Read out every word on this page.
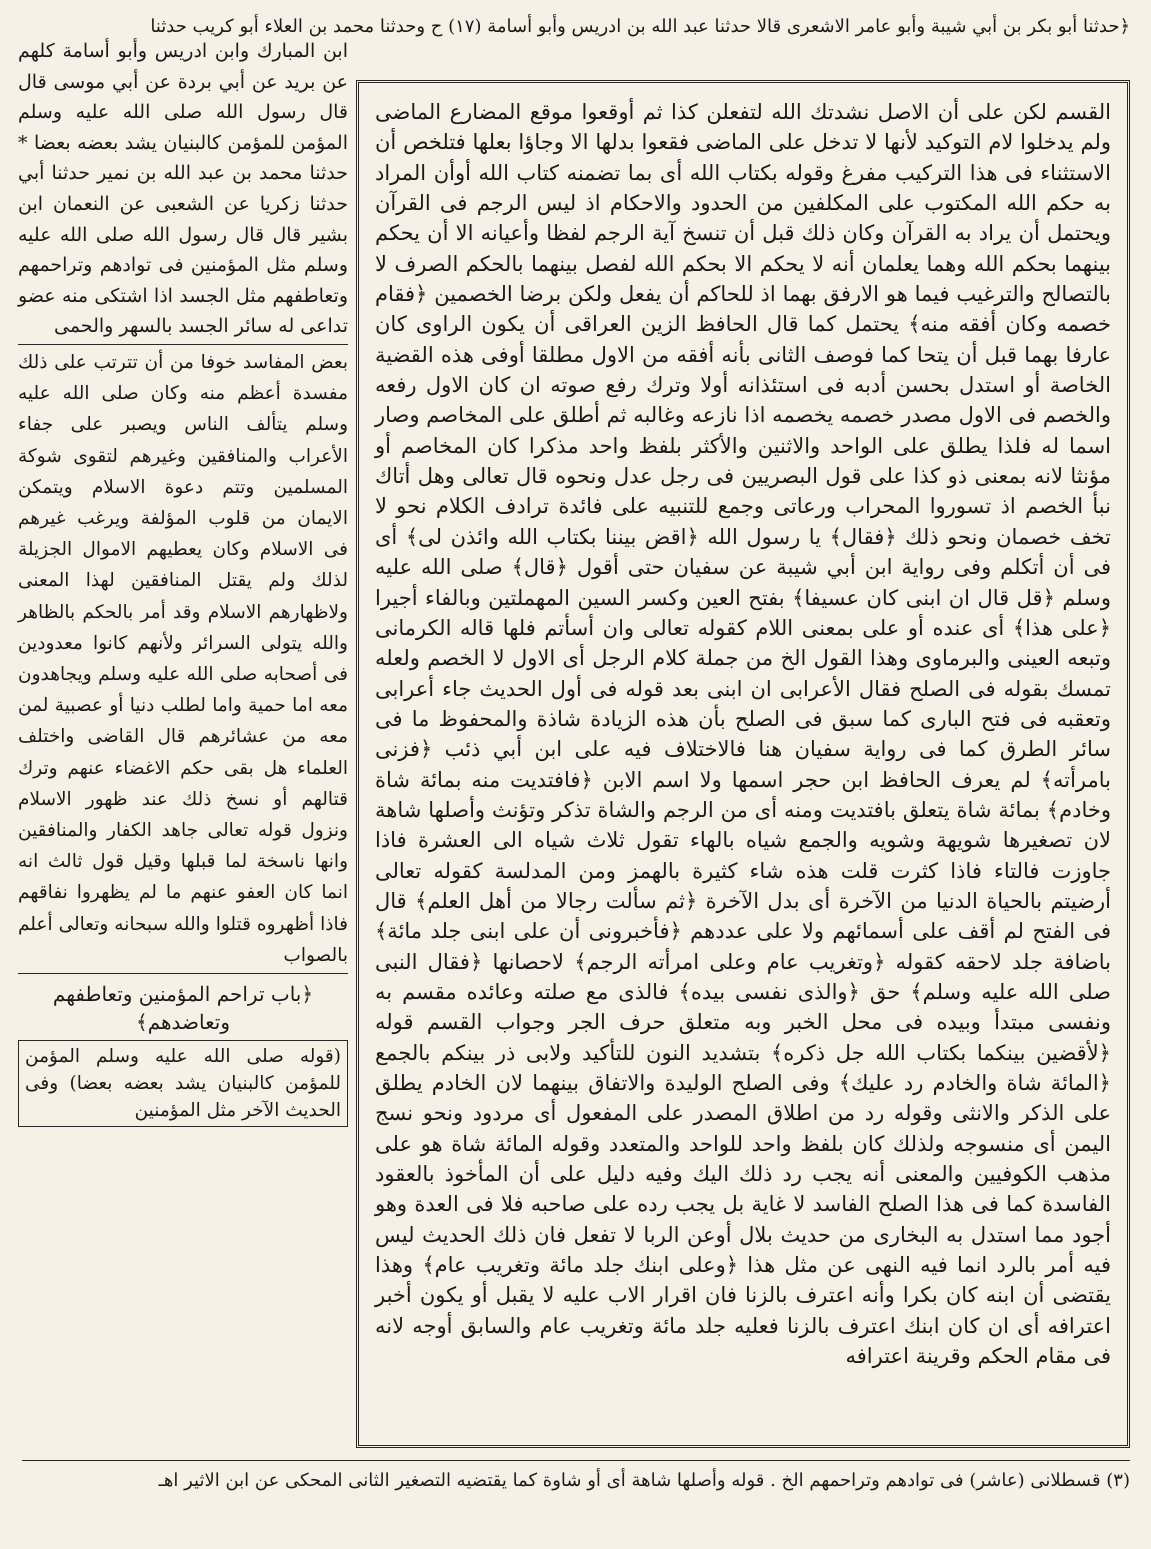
﴿حدثنا أبو بكر بن أبي شيبة وأبو عامر الاشعرى قالا حدثنا عبد الله بن ادريس وأبو أسامة (١٧) ح وحدثنا محمد بن العلاء أبو كريب حدثنا

ابن المبارك وابن ادريس وأبو أسامة كلهم عن بريد عن أبي بردة عن أبي موسى قال قال رسول الله صلى الله عليه وسلم المؤمن للمؤمن كالبنيان يشد بعضه بعضا * حدثنا محمد بن عبد الله بن نمير حدثنا أبي حدثنا زكريا عن الشعبى عن النعمان ابن بشير قال قال رسول الله صلى الله عليه وسلم مثل المؤمنين فى توادهم وتراحمهم وتعاطفهم مثل الجسد اذا اشتكى منه عضو تداعى له سائر الجسد بالسهر والحمى

بعض المفاسد خوفا من أن تترتب على ذلك مفسدة أعظم منه وكان صلى الله عليه وسلم يتألف الناس ويصبر على جفاء الأعراب والمنافقين وغيرهم لتقوى شوكة المسلمين وتتم دعوة الاسلام ويتمكن الايمان من قلوب المؤلفة ويرغب غيرهم فى الاسلام وكان يعطيهم الاموال الجزيلة لذلك ولم يقتل المنافقين لهذا المعنى ولاظهارهم الاسلام وقد أمر بالحكم بالظاهر والله يتولى السرائر ولأنهم كانوا معدودين فى أصحابه صلى الله عليه وسلم ويجاهدون معه اما حمية واما لطلب دنيا أو عصبية لمن معه من عشائرهم قال القاضى واختلف العلماء هل بقى حكم الاغضاء عنهم وترك قتالهم أو نسخ ذلك عند ظهور الاسلام ونزول قوله تعالى جاهد الكفار والمنافقين وانها ناسخة لما قبلها وقيل قول ثالث انه انما كان العفو عنهم ما لم يظهروا نفاقهم فاذا أظهروه قتلوا والله سبحانه وتعالى أعلم بالصواب

﴿باب تراحم المؤمنين وتعاطفهم وتعاضدهم﴾

(قوله صلى الله عليه وسلم المؤمن للمؤمن كالبنيان يشد بعضه بعضا) وفى الحديث الآخر مثل المؤمنين

القسم لكن على أن الاصل نشدتك الله لتفعلن كذا ثم أوقعوا موقع المضارع الماضى ولم يدخلوا لام التوكيد لأنها لا تدخل على الماضى فقعوا بدلها الا وجاؤا بعلها فتلخص أن الاستثناء فى هذا التركيب مفرغ وقوله بكتاب الله أى بما تضمنه كتاب الله أوأن المراد به حكم الله المكتوب على المكلفين من الحدود والاحكام اذ ليس الرجم فى القرآن ويحتمل أن يراد به القرآن وكان ذلك قبل أن تنسخ آية الرجم لفظا وأعيانه الا أن يحكم بينهما بحكم الله وهما يعلمان أنه لا يحكم الا بحكم الله لفصل بينهما بالحكم الصرف لا بالتصالح والترغيب فيما هو الارفق بهما اذ للحاكم أن يفعل ولكن برضا الخصمين ﴿فقام خصمه وكان أفقه منه﴾ يحتمل كما قال الحافظ الزين العراقى أن يكون الراوى كان عارفا بهما قبل أن يتحا كما فوصف الثانى بأنه أفقه من الاول مطلقا أوفى هذه القضية الخاصة أو استدل بحسن أدبه فى استئذانه أولا وترك رفع صوته ان كان الاول رفعه والخصم فى الاول مصدر خصمه يخصمه اذا نازعه وغالبه ثم أطلق على المخاصم وصار اسما له فلذا يطلق على الواحد والاثنين والأكثر بلفظ واحد مذكرا كان المخاصم أو مؤنثا لانه بمعنى ذو كذا على قول البصريين فى رجل عدل ونحوه قال تعالى وهل أتاك نبأ الخصم اذ تسوروا المحراب ورعاتى وجمع للتنبيه على فائدة ترادف الكلام نحو لا تخف خصمان ونحو ذلك ﴿فقال﴾ يا رسول الله ﴿اقض بيننا بكتاب الله وائذن لى﴾ أى فى أن أتكلم وفى رواية ابن أبي شيبة عن سفيان حتى أقول ﴿قال﴾ صلى الله عليه وسلم ﴿قل قال ان ابنى كان عسيفا﴾ بفتح العين وكسر السين المهملتين وبالفاء أجيرا ﴿على هذا﴾ أى عنده أو على بمعنى اللام كقوله تعالى وان أسأتم فلها قاله الكرمانى وتبعه العينى والبرماوى وهذا القول الخ من جملة كلام الرجل أى الاول لا الخصم ولعله تمسك بقوله فى الصلح فقال الأعرابى ان ابنى بعد قوله فى أول الحديث جاء أعرابى وتعقبه فى فتح البارى كما سبق فى الصلح بأن هذه الزيادة شاذة والمحفوظ ما فى سائر الطرق كما فى رواية سفيان هنا فالاختلاف فيه على ابن أبي ذئب ﴿فزنى بامرأته﴾ لم يعرف الحافظ ابن حجر اسمها ولا اسم الابن ﴿فافتديت منه بمائة شاة وخادم﴾ بمائة شاة يتعلق بافتديت ومنه أى من الرجم والشاة تذكر وتؤنث وأصلها شاهة لان تصغيرها شويهة وشويه والجمع شياه بالهاء تقول ثلاث شياه الى العشرة فاذا جاوزت فالتاء فاذا كثرت قلت هذه شاء كثيرة بالهمز ومن المدلسة كقوله تعالى أرضيتم بالحياة الدنيا من الآخرة أى بدل الآخرة ﴿ثم سألت رجالا من أهل العلم﴾ قال فى الفتح لم أقف على أسمائهم ولا على عددهم ﴿فأخبرونى أن على ابنى جلد مائة﴾ باضافة جلد لاحقه كقوله ﴿وتغريب عام وعلى امرأته الرجم﴾ لاحصانها ﴿فقال النبى صلى الله عليه وسلم﴾ حق ﴿والذى نفسى بيده﴾ فالذى مع صلته وعائده مقسم به ونفسى مبتدأ وبيده فى محل الخبر وبه متعلق حرف الجر وجواب القسم قوله ﴿لأقضين بينكما بكتاب الله جل ذكره﴾ بتشديد النون للتأكيد ولابى ذر بينكم بالجمع ﴿المائة شاة والخادم رد عليك﴾ وفى الصلح الوليدة والاتفاق بينهما لان الخادم يطلق على الذكر والانثى وقوله رد من اطلاق المصدر على المفعول أى مردود ونحو نسج اليمن أى منسوجه ولذلك كان بلفظ واحد للواحد والمتعدد وقوله المائة شاة هو على مذهب الكوفيين والمعنى أنه يجب رد ذلك اليك وفيه دليل على أن المأخوذ بالعقود الفاسدة كما فى هذا الصلح الفاسد لا غاية بل يجب رده على صاحبه فلا فى العدة وهو أجود مما استدل به البخارى من حديث بلال أوعن الربا لا تفعل فان ذلك الحديث ليس فيه أمر بالرد انما فيه النهى عن مثل هذا ﴿وعلى ابنك جلد مائة وتغريب عام﴾ وهذا يقتضى أن ابنه كان بكرا وأنه اعترف بالزنا فان اقرار الاب عليه لا يقبل أو يكون أخبر اعترافه أى ان كان ابنك اعترف بالزنا فعليه جلد مائة وتغريب عام والسابق أوجه لانه فى مقام الحكم وقرينة اعترافه

(٣) قسطلانى (عاشر) فى توادهم وتراحمهم الخ . قوله وأصلها شاهة أى أو شاوة كما يقتضيه التصغير الثانى المحكى عن ابن الاثير اهـ
